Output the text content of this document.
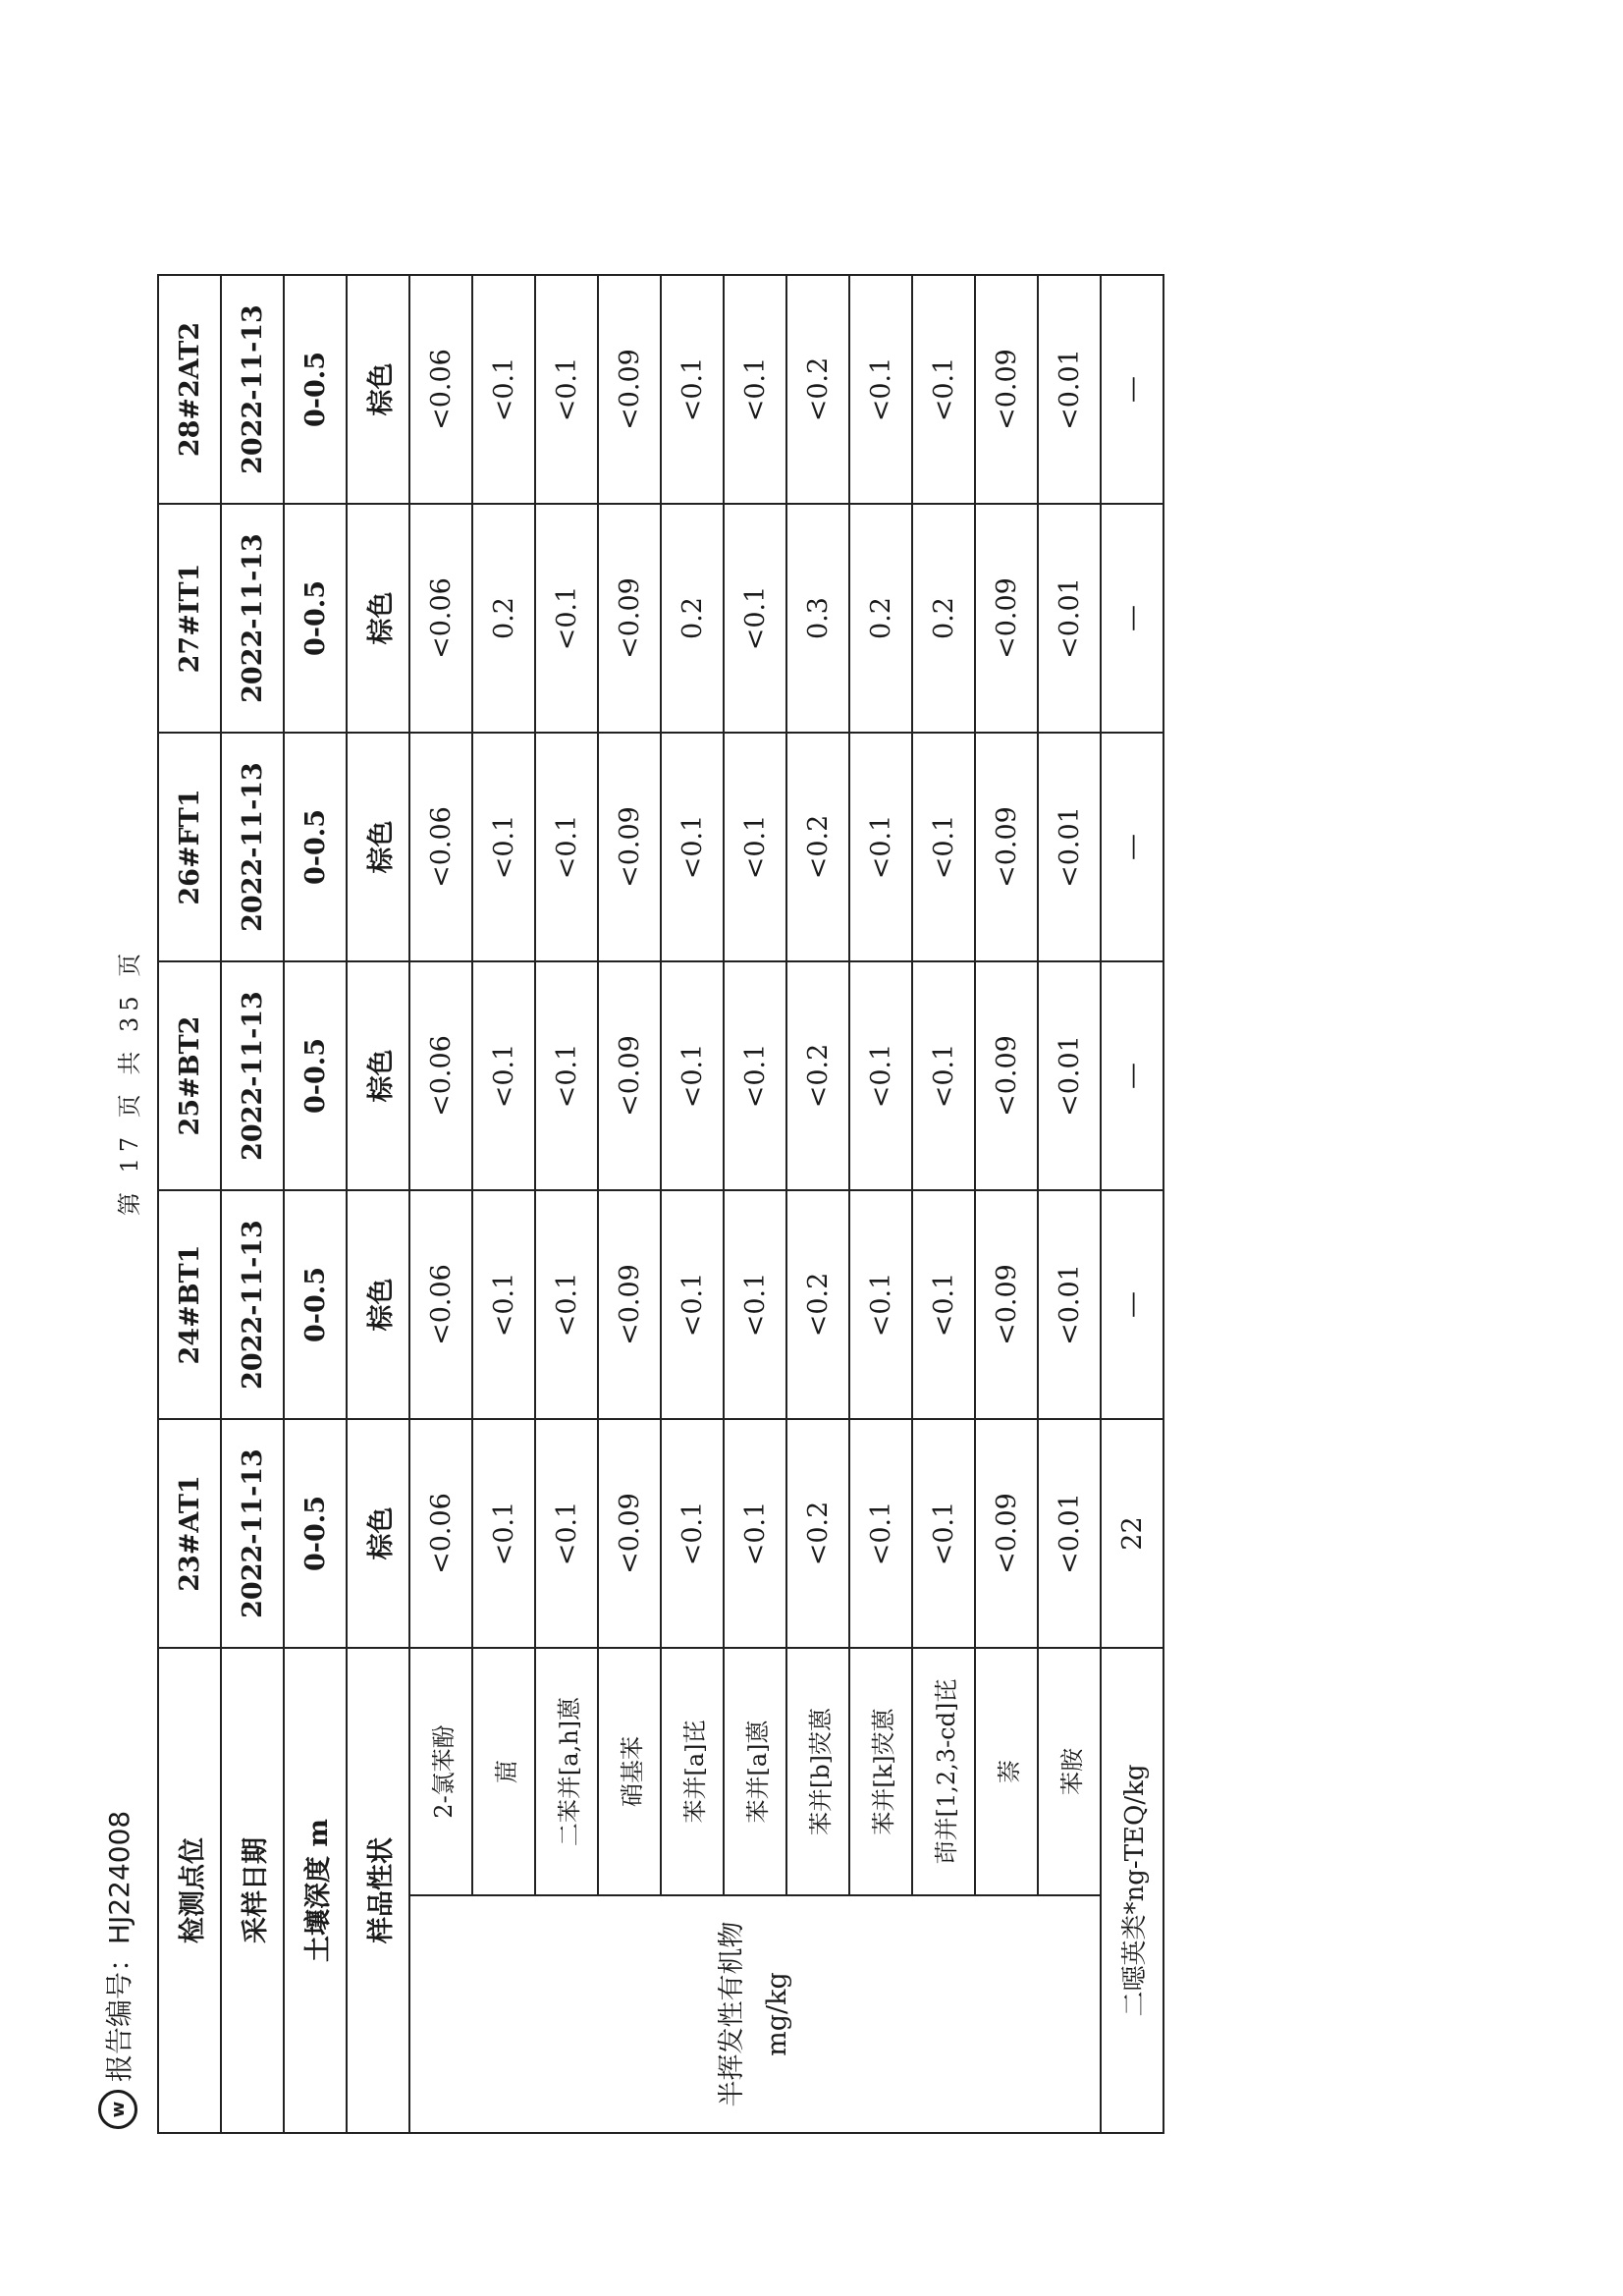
w
报告编号：HJ224008
第 17 页 共 35 页
检测点位		23#AT1	24#BT1	25#BT2	26#FT1	27#IT1	28#2AT2
采样日期		2022-11-13	2022-11-13	2022-11-13	2022-11-13	2022-11-13	2022-11-13
土壤深度 m		0-0.5	0-0.5	0-0.5	0-0.5	0-0.5	0-0.5
样品性状		棕色	棕色	棕色	棕色	棕色	棕色
半挥发性有机物 mg/kg	2-氯苯酚	<0.06	<0.06	<0.06	<0.06	<0.06	<0.06
	䓛	<0.1	<0.1	<0.1	<0.1	0.2	<0.1
	二苯并[a,h]蒽	<0.1	<0.1	<0.1	<0.1	<0.1	<0.1
	硝基苯	<0.09	<0.09	<0.09	<0.09	<0.09	<0.09
	苯并[a]芘	<0.1	<0.1	<0.1	<0.1	0.2	<0.1
	苯并[a]蒽	<0.1	<0.1	<0.1	<0.1	<0.1	<0.1
	苯并[b]荧蒽	<0.2	<0.2	<0.2	<0.2	0.3	<0.2
	苯并[k]荧蒽	<0.1	<0.1	<0.1	<0.1	0.2	<0.1
	茚并[1,2,3-cd]芘	<0.1	<0.1	<0.1	<0.1	0.2	<0.1
	萘	<0.09	<0.09	<0.09	<0.09	<0.09	<0.09
	苯胺	<0.01	<0.01	<0.01	<0.01	<0.01	<0.01
二噁英类*ng-TEQ/kg		22	—	—	—	—	—
